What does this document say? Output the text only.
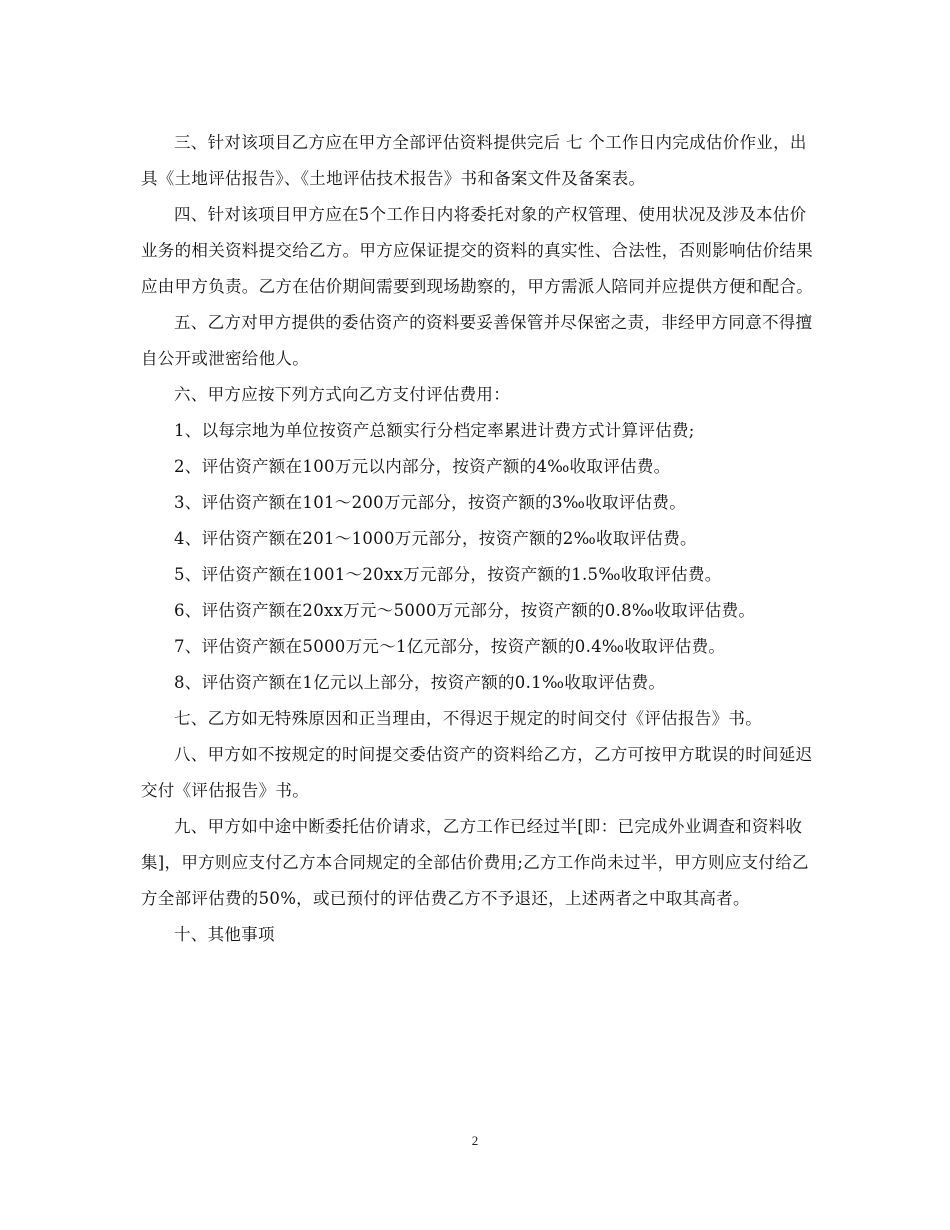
三、针对该项目乙方应在甲方全部评估资料提供完后 七 个工作日内完成估价作业，出具《土地评估报告》、《土地评估技术报告》书和备案文件及备案表。

四、针对该项目甲方应在5个工作日内将委托对象的产权管理、使用状况及涉及本估价业务的相关资料提交给乙方。甲方应保证提交的资料的真实性、合法性，否则影响估价结果应由甲方负责。乙方在估价期间需要到现场勘察的，甲方需派人陪同并应提供方便和配合。

五、乙方对甲方提供的委估资产的资料要妥善保管并尽保密之责，非经甲方同意不得擅自公开或泄密给他人。

六、甲方应按下列方式向乙方支付评估费用：

1、以每宗地为单位按资产总额实行分档定率累进计费方式计算评估费;

2、评估资产额在100万元以内部分，按资产额的4‰收取评估费。

3、评估资产额在101～200万元部分，按资产额的3‰收取评估费。

4、评估资产额在201～1000万元部分，按资产额的2‰收取评估费。

5、评估资产额在1001～20xx万元部分，按资产额的1.5‰收取评估费。

6、评估资产额在20xx万元～5000万元部分，按资产额的0.8‰收取评估费。

7、评估资产额在5000万元～1亿元部分，按资产额的0.4‰收取评估费。

8、评估资产额在1亿元以上部分，按资产额的0.1‰收取评估费。

七、乙方如无特殊原因和正当理由，不得迟于规定的时间交付《评估报告》书。

八、甲方如不按规定的时间提交委估资产的资料给乙方，乙方可按甲方耽误的时间延迟交付《评估报告》书。

九、甲方如中途中断委托估价请求，乙方工作已经过半[即：已完成外业调查和资料收集]，甲方则应支付乙方本合同规定的全部估价费用;乙方工作尚未过半，甲方则应支付给乙方全部评估费的50%，或已预付的评估费乙方不予退还，上述两者之中取其高者。

十、其他事项

2
